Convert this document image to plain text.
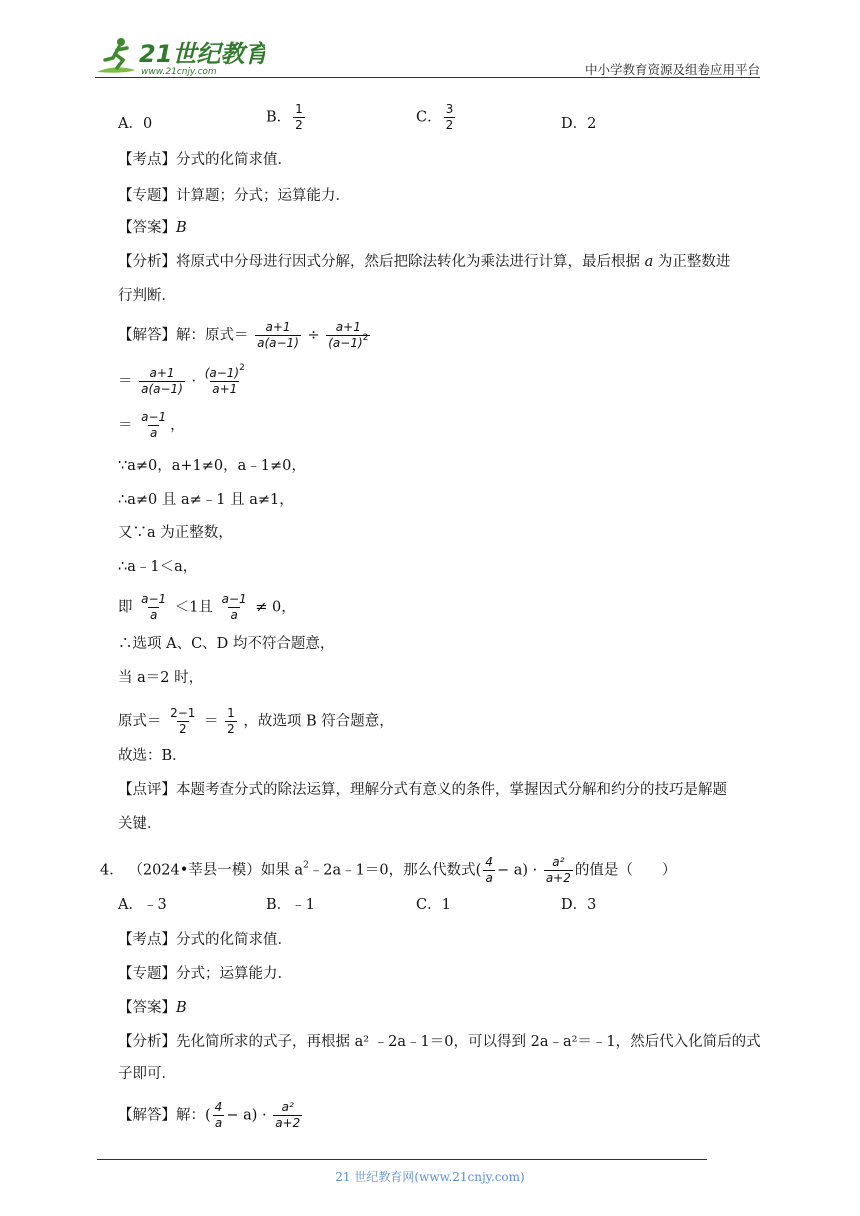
21世纪教育
www.21cnjy.com	中小学教育资源及组卷应用平台
A．0	B． $\frac{1}{2}$	C． $\frac{3}{2}$	D．2
【考点】分式的化简求值．
【专题】计算题；分式；运算能力．
【答案】B
【分析】将原式中分母进行因式分解，然后把除法转化为乘法进行计算，最后根据 a 为正整数进
行判断．
【解答】解：原式＝ $\frac{a+1}{a(a-1)} \div \frac{a+1}{(a-1)^2}$
＝ $\frac{a+1}{a(a-1)} \cdot \frac{(a-1)^2}{a+1}$
＝ $\frac{a-1}{a}$ ，
∵a≠0，a+1≠0，a﹣1≠0，
∴a≠0 且 a≠﹣1 且 a≠1，
又∵a 为正整数，
∴a﹣1＜a，
即 $\frac{a-1}{a} <1$且 $\frac{a-1}{a} \ne 0$，
∴选项 A、C、D 均不符合题意，
当 a＝2 时，
原式＝ $\frac{2-1}{2} = \frac{1}{2}$ ，故选项 B 符合题意，
故选：B．
【点评】本题考查分式的除法运算，理解分式有意义的条件，掌握因式分解和约分的技巧是解题
关键．
4． （2024•莘县一模）如果 $a^2﹣2a﹣1=0$，那么代数式( $\frac{4}{a} - a) \cdot \frac{\text{a²}}{a+2}$ 的值是（　　）
A．﹣3	B．﹣1	C．1	D．3
【考点】分式的化简求值．
【专题】分式；运算能力．
【答案】B
【分析】先化简所求的式子，再根据 a² ﹣2a﹣1＝0，可以得到 2a﹣a²＝﹣1，然后代入化简后的式
子即可．
【解答】解：( $\frac{4}{a} - a) \cdot \frac{\text{a²}}{a+2}$
21 世纪教育网(www.21cnjy.com)
